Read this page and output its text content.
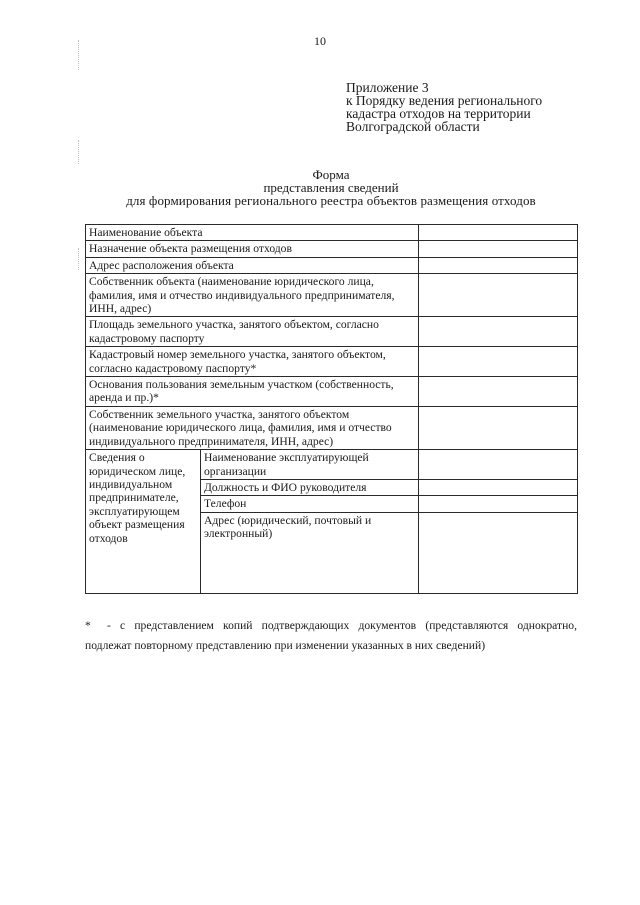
10
Приложение 3
к Порядку ведения регионального
кадастра отходов на территории
Волгоградской области
Форма
представления сведений
для формирования регионального реестра объектов размещения отходов
Наименование объекта		
Назначение объекта размещения отходов		
Адрес расположения объекта		
Собственник объекта (наименование юридического лица, фамилия, имя и отчество индивидуального предпринимателя, ИНН, адрес)		
Площадь земельного участка, занятого объектом, согласно кадастровому паспорту		
Кадастровый номер земельного участка, занятого объектом, согласно кадастровому паспорту*		
Основания пользования земельным участком (собственность, аренда и пр.)*		
Собственник земельного участка, занятого объектом (наименование юридического лица, фамилия, имя и отчество индивидуального предпринимателя, ИНН, адрес)		
Сведения о юридическом лице, индивидуальном предпринимателе, эксплуатирующем объект размещения отходов	Наименование эксплуатирующей организации	
	Должность и ФИО руководителя	
	Телефон	
	Адрес (юридический, почтовый и электронный)	
* - с представлением копий подтверждающих документов (представляются однократно, подлежат повторному представлению при изменении указанных в них сведений)
